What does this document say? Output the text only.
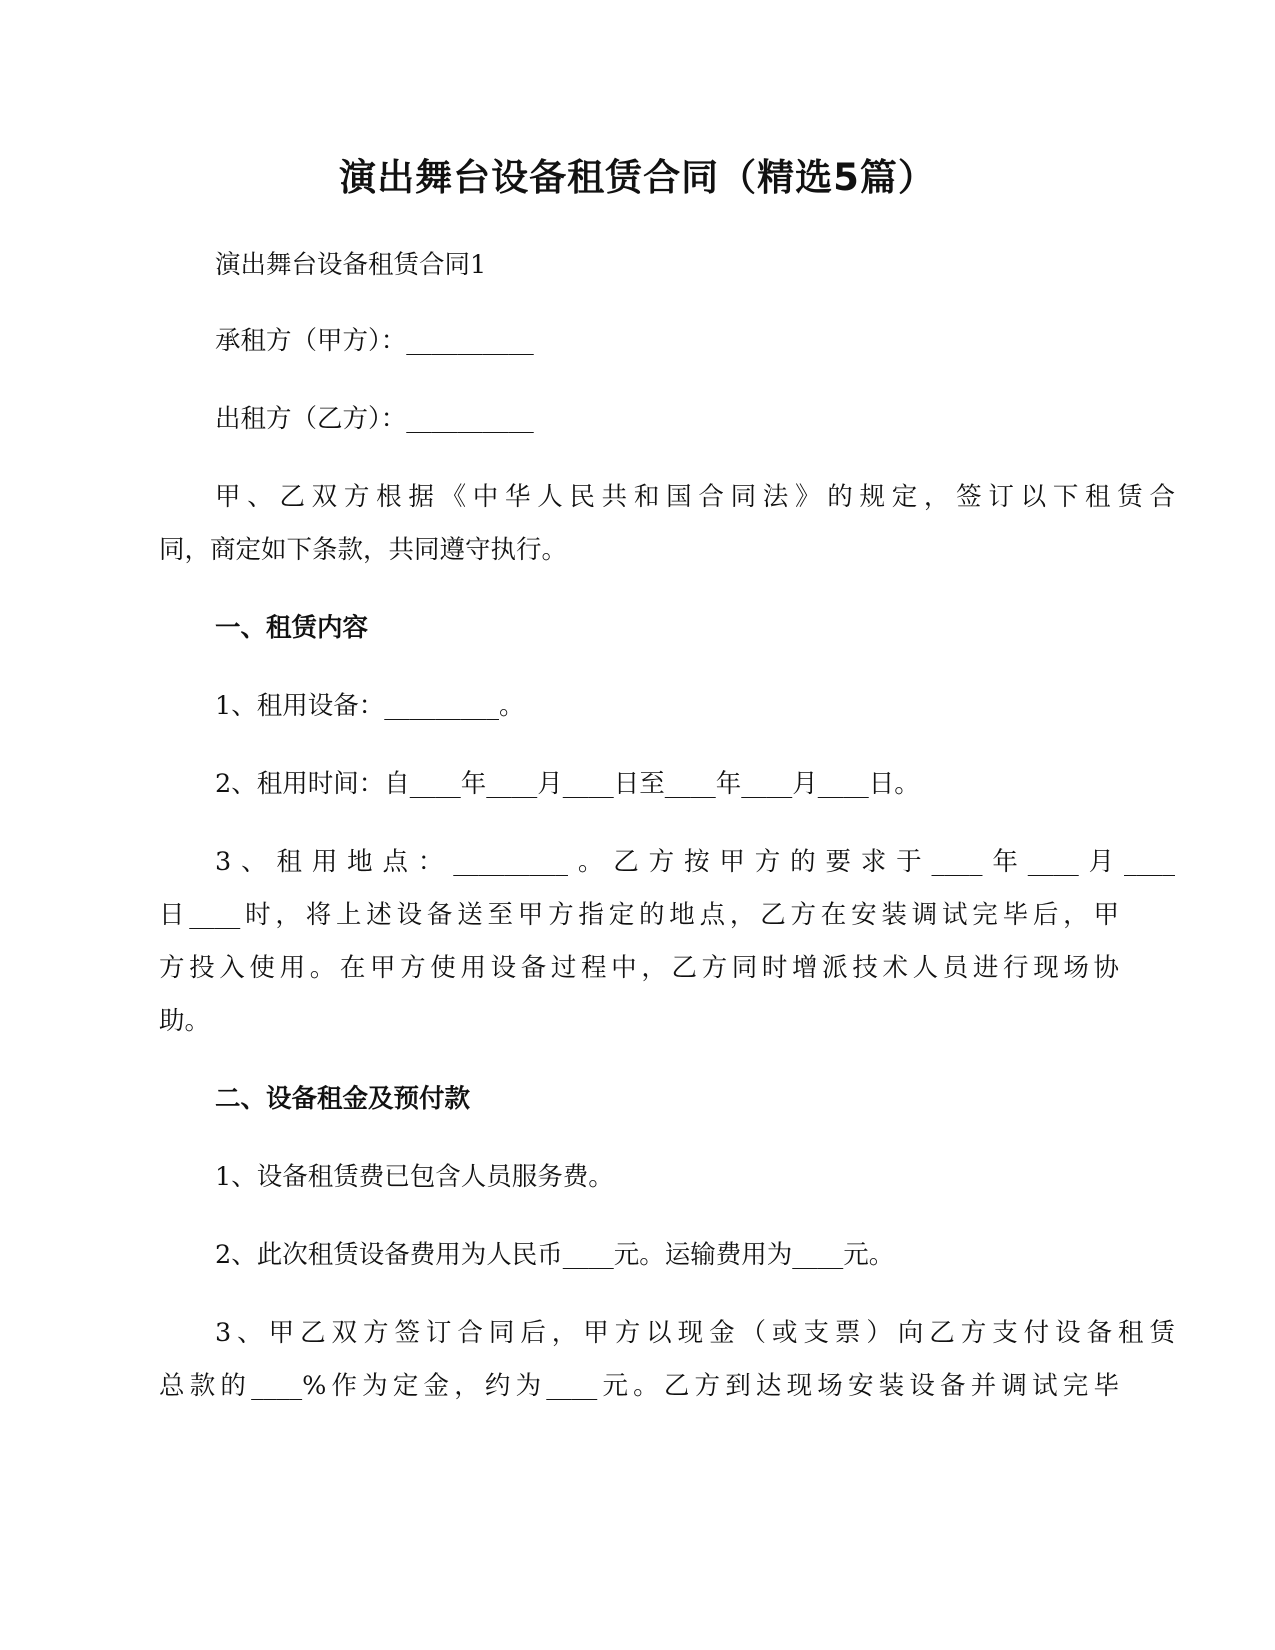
演出舞台设备租赁合同（精选5篇）

演出舞台设备租赁合同1

承租方（甲方）：__________

出租方（乙方）：__________

甲、乙双方根据《中华人民共和国合同法》的规定，签订以下租赁合

同，商定如下条款，共同遵守执行。

一、租赁内容

1、租用设备：_________。

2、租用时间：自____年____月____日至____年____月____日。

3、租用地点：_________。乙方按甲方的要求于____年____月____

日____时，将上述设备送至甲方指定的地点，乙方在安装调试完毕后，甲

方投入使用。在甲方使用设备过程中，乙方同时增派技术人员进行现场协

助。

二、设备租金及预付款

1、设备租赁费已包含人员服务费。

2、此次租赁设备费用为人民币____元。运输费用为____元。

3、甲乙双方签订合同后，甲方以现金（或支票）向乙方支付设备租赁

总款的____%作为定金，约为____元。乙方到达现场安装设备并调试完毕
